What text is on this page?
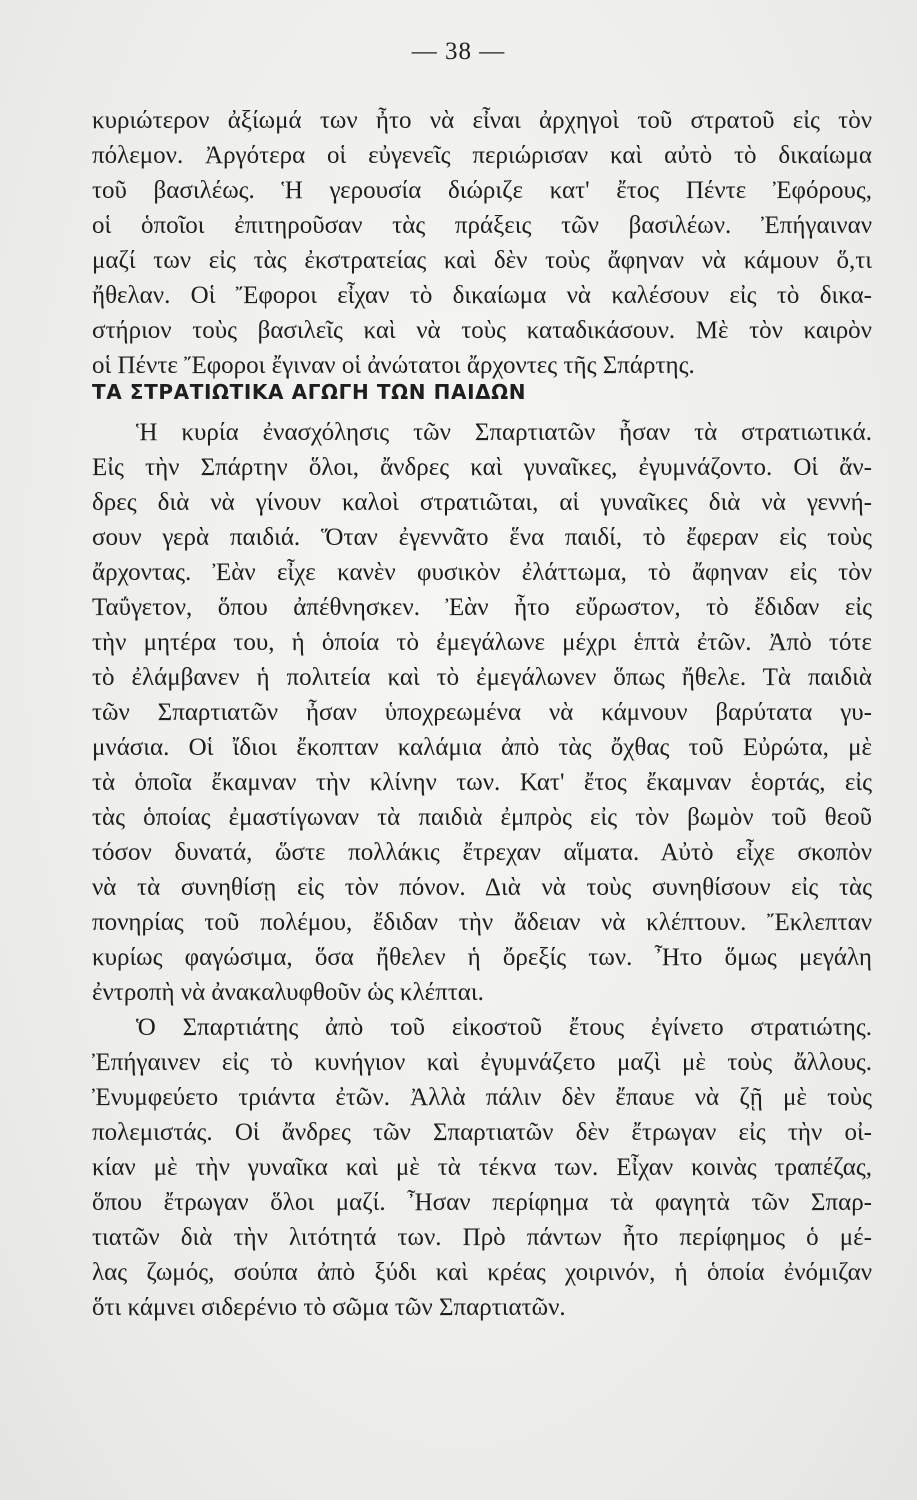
— 38 —
κυριώτερον ἀξίωμά των ἦτο νὰ εἶναι ἀρχηγοὶ τοῦ στρατοῦ εἰς τὸν
πόλεμον. Ἀργότερα οἱ εὐγενεῖς περιώρισαν καὶ αὐτὸ τὸ δικαίωμα
τοῦ βασιλέως. Ἡ γερουσία διώριζε κατ' ἔτος Πέντε Ἐφόρους,
οἱ ὁποῖοι ἐπιτηροῦσαν τὰς πράξεις τῶν βασιλέων. Ἐπήγαιναν
μαζί των εἰς τὰς ἐκστρατείας καὶ δὲν τοὺς ἄφηναν νὰ κάμουν ὅ,τι
ἤθελαν. Οἱ Ἔφοροι εἶχαν τὸ δικαίωμα νὰ καλέσουν εἰς τὸ δικα-
στήριον τοὺς βασιλεῖς καὶ νὰ τοὺς καταδικάσουν. Μὲ τὸν καιρὸν
οἱ Πέντε Ἔφοροι ἔγιναν οἱ ἀνώτατοι ἄρχοντες τῆς Σπάρτης.
ΤΑ ΣΤΡΑΤΙΩΤΙΚΑ ΑΓΩΓΗ ΤΩΝ ΠΑΙΔΩΝ
Ἡ κυρία ἐνασχόλησις τῶν Σπαρτιατῶν ἦσαν τὰ στρατιωτικά.
Εἰς τὴν Σπάρτην ὅλοι, ἄνδρες καὶ γυναῖκες, ἐγυμνάζοντο. Οἱ ἄν-
δρες διὰ νὰ γίνουν καλοὶ στρατιῶται, αἱ γυναῖκες διὰ νὰ γεννή-
σουν γερὰ παιδιά. Ὅταν ἐγεννᾶτο ἕνα παιδί, τὸ ἔφεραν εἰς τοὺς
ἄρχοντας. Ἐὰν εἶχε κανὲν φυσικὸν ἐλάττωμα, τὸ ἄφηναν εἰς τὸν
Ταΰγετον, ὅπου ἀπέθνησκεν. Ἐὰν ἦτο εὔρωστον, τὸ ἔδιδαν εἰς
τὴν μητέρα του, ἡ ὁποία τὸ ἐμεγάλωνε μέχρι ἑπτὰ ἐτῶν. Ἀπὸ τότε
τὸ ἐλάμβανεν ἡ πολιτεία καὶ τὸ ἐμεγάλωνεν ὅπως ἤθελε. Τὰ παιδιὰ
τῶν Σπαρτιατῶν ἦσαν ὑποχρεωμένα νὰ κάμνουν βαρύτατα γυ-
μνάσια. Οἱ ἴδιοι ἔκοπταν καλάμια ἀπὸ τὰς ὄχθας τοῦ Εὐρώτα, μὲ
τὰ ὁποῖα ἔκαμναν τὴν κλίνην των. Κατ' ἔτος ἔκαμναν ἑορτάς, εἰς
τὰς ὁποίας ἐμαστίγωναν τὰ παιδιὰ ἐμπρὸς εἰς τὸν βωμὸν τοῦ θεοῦ
τόσον δυνατά, ὥστε πολλάκις ἔτρεχαν αἵματα. Αὐτὸ εἶχε σκοπὸν
νὰ τὰ συνηθίσῃ εἰς τὸν πόνον. Διὰ νὰ τοὺς συνηθίσουν εἰς τὰς
πονηρίας τοῦ πολέμου, ἔδιδαν τὴν ἄδειαν νὰ κλέπτουν. Ἔκλεπταν
κυρίως φαγώσιμα, ὅσα ἤθελεν ἡ ὄρεξίς των. Ἦτο ὅμως μεγάλη
ἐντροπὴ νὰ ἀνακαλυφθοῦν ὡς κλέπται.
Ὁ Σπαρτιάτης ἀπὸ τοῦ εἰκοστοῦ ἔτους ἐγίνετο στρατιώτης.
Ἐπήγαινεν εἰς τὸ κυνήγιον καὶ ἐγυμνάζετο μαζὶ μὲ τοὺς ἄλλους.
Ἐνυμφεύετο τριάντα ἐτῶν. Ἀλλὰ πάλιν δὲν ἔπαυε νὰ ζῇ μὲ τοὺς
πολεμιστάς. Οἱ ἄνδρες τῶν Σπαρτιατῶν δὲν ἔτρωγαν εἰς τὴν οἰ-
κίαν μὲ τὴν γυναῖκα καὶ μὲ τὰ τέκνα των. Εἶχαν κοινὰς τραπέζας,
ὅπου ἔτρωγαν ὅλοι μαζί. Ἦσαν περίφημα τὰ φαγητὰ τῶν Σπαρ-
τιατῶν διὰ τὴν λιτότητά των. Πρὸ πάντων ἦτο περίφημος ὁ μέ-
λας ζωμός, σούπα ἀπὸ ξύδι καὶ κρέας χοιρινόν, ἡ ὁποία ἐνόμιζαν
ὅτι κάμνει σιδερένιο τὸ σῶμα τῶν Σπαρτιατῶν.
